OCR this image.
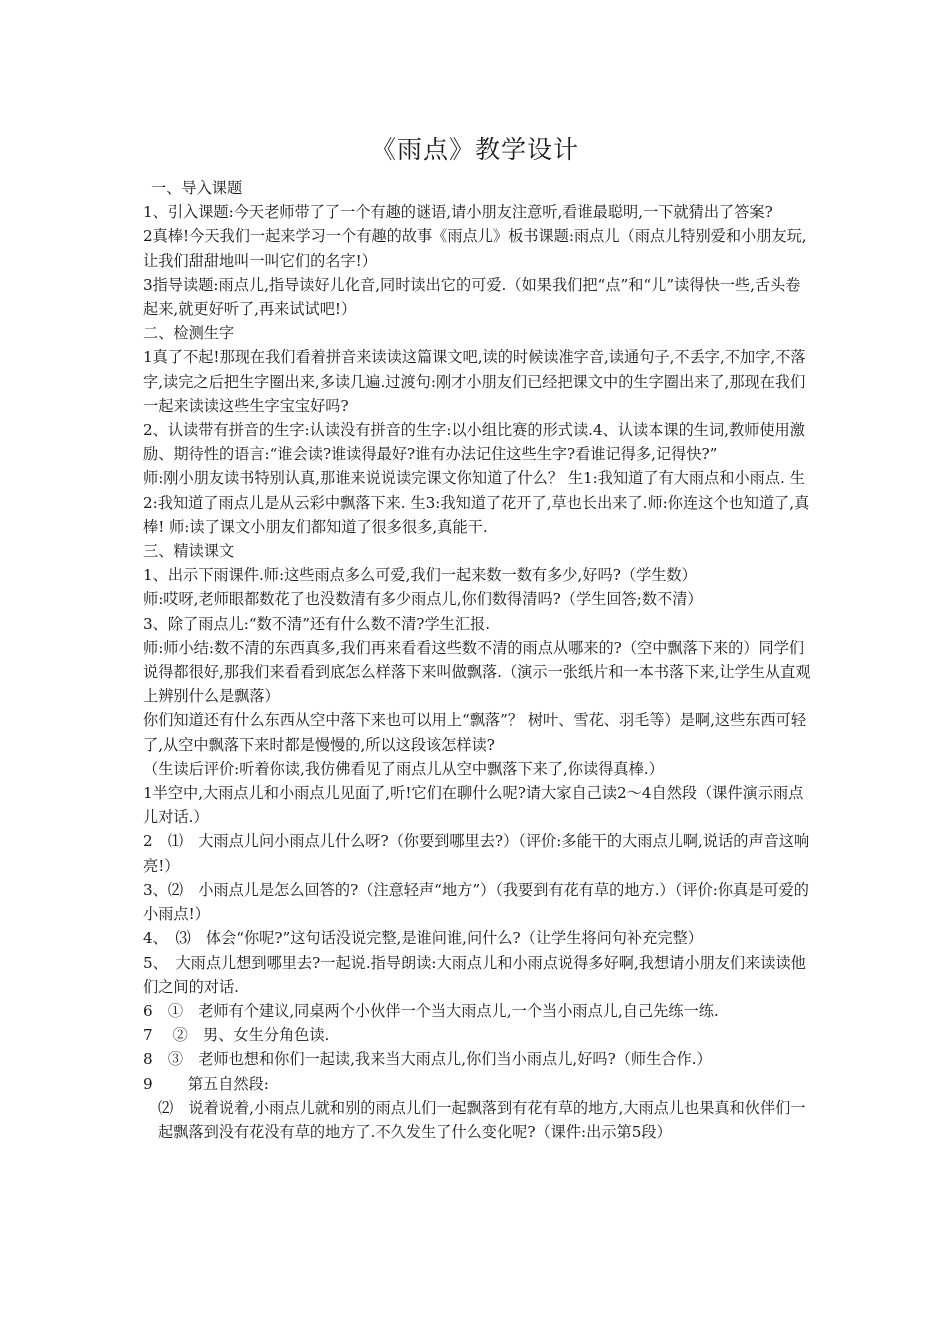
《雨点》教学设计

一、导入课题

1、引入课题:今天老师带了了一个有趣的谜语,请小朋友注意听,看谁最聪明,一下就猜出了答案?

2真棒!今天我们一起来学习一个有趣的故事《雨点儿》板书课题:雨点儿（雨点儿特别爱和小朋友玩,让我们甜甜地叫一叫它们的名字!）

3指导读题:雨点儿,指导读好儿化音,同时读出它的可爱.（如果我们把“点”和“儿”读得快一些,舌头卷起来,就更好听了,再来试试吧!）

二、检测生字

1真了不起!那现在我们看着拼音来读读这篇课文吧,读的时候读准字音,读通句子,不丢字,不加字,不落字,读完之后把生字圈出来,多读几遍.过渡句:刚才小朋友们已经把课文中的生字圈出来了,那现在我们一起来读读这些生字宝宝好吗?

2、认读带有拼音的生字:认读没有拼音的生字:以小组比赛的形式读.4、认读本课的生词,教师使用激励、期待性的语言:“谁会读?谁读得最好?谁有办法记住这些生字?看谁记得多,记得快?”

师:刚小朋友读书特别认真,那谁来说说读完课文你知道了什么？ 生1:我知道了有大雨点和小雨点. 生2:我知道了雨点儿是从云彩中飘落下来. 生3:我知道了花开了,草也长出来了.师:你连这个也知道了,真棒! 师:读了课文小朋友们都知道了很多很多,真能干.

三、精读课文

1、出示下雨课件.师:这些雨点多么可爱,我们一起来数一数有多少,好吗?（学生数）

师:哎呀,老师眼都数花了也没数清有多少雨点儿,你们数得清吗?（学生回答;数不清）

3、除了雨点儿:“数不清”还有什么数不清?学生汇报.

师:师小结:数不清的东西真多,我们再来看看这些数不清的雨点从哪来的?（空中飘落下来的）同学们说得都很好,那我们来看看到底怎么样落下来叫做飘落.（演示一张纸片和一本书落下来,让学生从直观上辨别什么是飘落）

你们知道还有什么东西从空中落下来也可以用上“飘落”？ 树叶、雪花、羽毛等）是啊,这些东西可轻了,从空中飘落下来时都是慢慢的,所以这段该怎样读?

（生读后评价:听着你读,我仿佛看见了雨点儿从空中飘落下来了,你读得真棒.）

1半空中,大雨点儿和小雨点儿见面了,听!它们在聊什么呢?请大家自己读2～4自然段（课件演示雨点儿对话.）

2　⑴　大雨点儿问小雨点儿什么呀?（你要到哪里去?）（评价:多能干的大雨点儿啊,说话的声音这响亮!）

3、⑵　小雨点儿是怎么回答的?（注意轻声“地方”）（我要到有花有草的地方.）（评价:你真是可爱的小雨点!）

4、　⑶　体会“你呢?”这句话没说完整,是谁问谁,问什么?（让学生将问句补充完整）

5、　大雨点儿想到哪里去?一起说.指导朗读:大雨点儿和小雨点说得多好啊,我想请小朋友们来读读他们之间的对话.

6　①　老师有个建议,同桌两个小伙伴一个当大雨点儿,一个当小雨点儿,自己先练一练.

7　 ②　男、女生分角色读.

8　③　老师也想和你们一起读,我来当大雨点儿,你们当小雨点儿,好吗?（师生合作.）

9　　 第五自然段:

⑵　说着说着,小雨点儿就和别的雨点儿们一起飘落到有花有草的地方,大雨点儿也果真和伙伴们一起飘落到没有花没有草的地方了.不久发生了什么变化呢?（课件:出示第5段）
